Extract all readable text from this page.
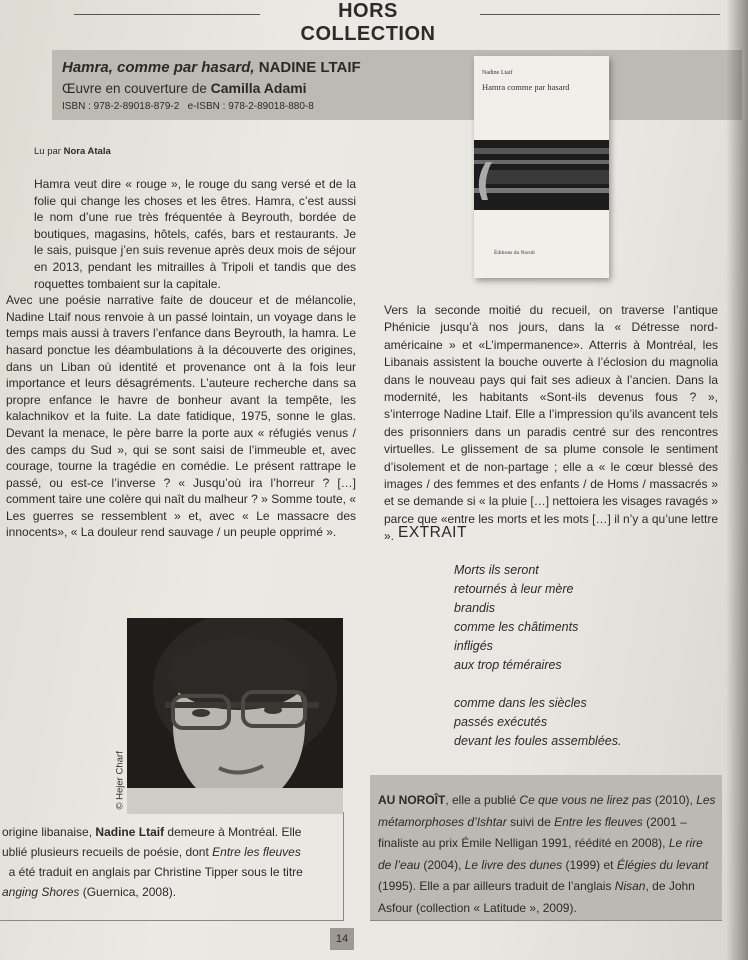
HORS COLLECTION
Hamra, comme par hasard, NADINE LTAIF
Œuvre en couverture de Camilla Adami
ISBN : 978-2-89018-879-2   e-ISBN : 978-2-89018-880-8
Nadine Ltaif
Hamra comme par hasard
Éditions du Noroît
Lu par Nora Atala

Hamra veut dire « rouge », le rouge du sang versé et de la folie qui change les choses et les êtres. Hamra, c’est aussi le nom d’une rue très fréquentée à Beyrouth, bordée de boutiques, magasins, hôtels, cafés, bars et restaurants. Je le sais, puisque j’en suis revenue après deux mois de séjour en 2013, pendant les mitrailles à Tripoli et tandis que des roquettes tombaient sur la capitale.

Avec une poésie narrative faite de douceur et de mélancolie, Nadine Ltaif nous renvoie à un passé lointain, un voyage dans le temps mais aussi à travers l’enfance dans Beyrouth, la hamra. Le hasard ponctue les déambulations à la découverte des origines, dans un Liban où identité et provenance ont à la fois leur importance et leurs désagréments. L’auteure recherche dans sa propre enfance le havre de bonheur avant la tempête, les kalachnikov et la fuite. La date fatidique, 1975, sonne le glas. Devant la menace, le père barre la porte aux « réfugiés venus / des camps du Sud », qui se sont saisi de l’immeuble et, avec courage, tourne la tragédie en comédie. Le présent rattrape le passé, ou est-ce l’inverse ? « Jusqu’où ira l’horreur ? […] comment taire une colère qui naît du malheur ? » Somme toute, « Les guerres se ressemblent » et, avec « Le massacre des innocents», « La douleur rend sauvage / un peuple opprimé ».

Vers la seconde moitié du recueil, on traverse l’antique Phénicie jusqu’à nos jours, dans la « Détresse nord-américaine » et «L’impermanence». Atterris à Montréal, les Libanais assistent la bouche ouverte à l’éclosion du magnolia dans le nouveau pays qui fait ses adieux à l’ancien. Dans la modernité, les habitants «Sont-ils devenus fous ? », s’interroge Nadine Ltaif. Elle a l’impression qu’ils avancent tels des prisonniers dans un paradis centré sur des rencontres virtuelles. Le glissement de sa plume console le sentiment d’isolement et de non-partage ; elle a « le cœur blessé des images / des femmes et des enfants / de Homs / massacrés » et se demande si « la pluie […] nettoiera les visages ravagés » parce que «entre les morts et les mots […] il n’y a qu’une lettre ». EXTRAIT
Morts ils seront
retournés à leur mère
brandis
comme les châtiments
infligés
aux trop téméraires
comme dans les siècles
passés exécutés
devant les foules assemblées.
© Hejer Charf
origine libanaise, Nadine Ltaif demeure à Montréal. Elle
ublié plusieurs recueils de poésie, dont Entre les fleuves
a été traduit en anglais par Christine Tipper sous le titre
anging Shores (Guernica, 2008).
AU NOROÎT, elle a publié Ce que vous ne lirez pas (2010), Les métamorphoses d’Ishtar suivi de Entre les fleuves (2001 – finaliste au prix Émile Nelligan 1991, réédité en 2008), Le rire de l’eau (2004), Le livre des dunes (1999) et Élégies du levant (1995). Elle a par ailleurs traduit de l’anglais Nisan, de John Asfour (collection « Latitude », 2009).
14
